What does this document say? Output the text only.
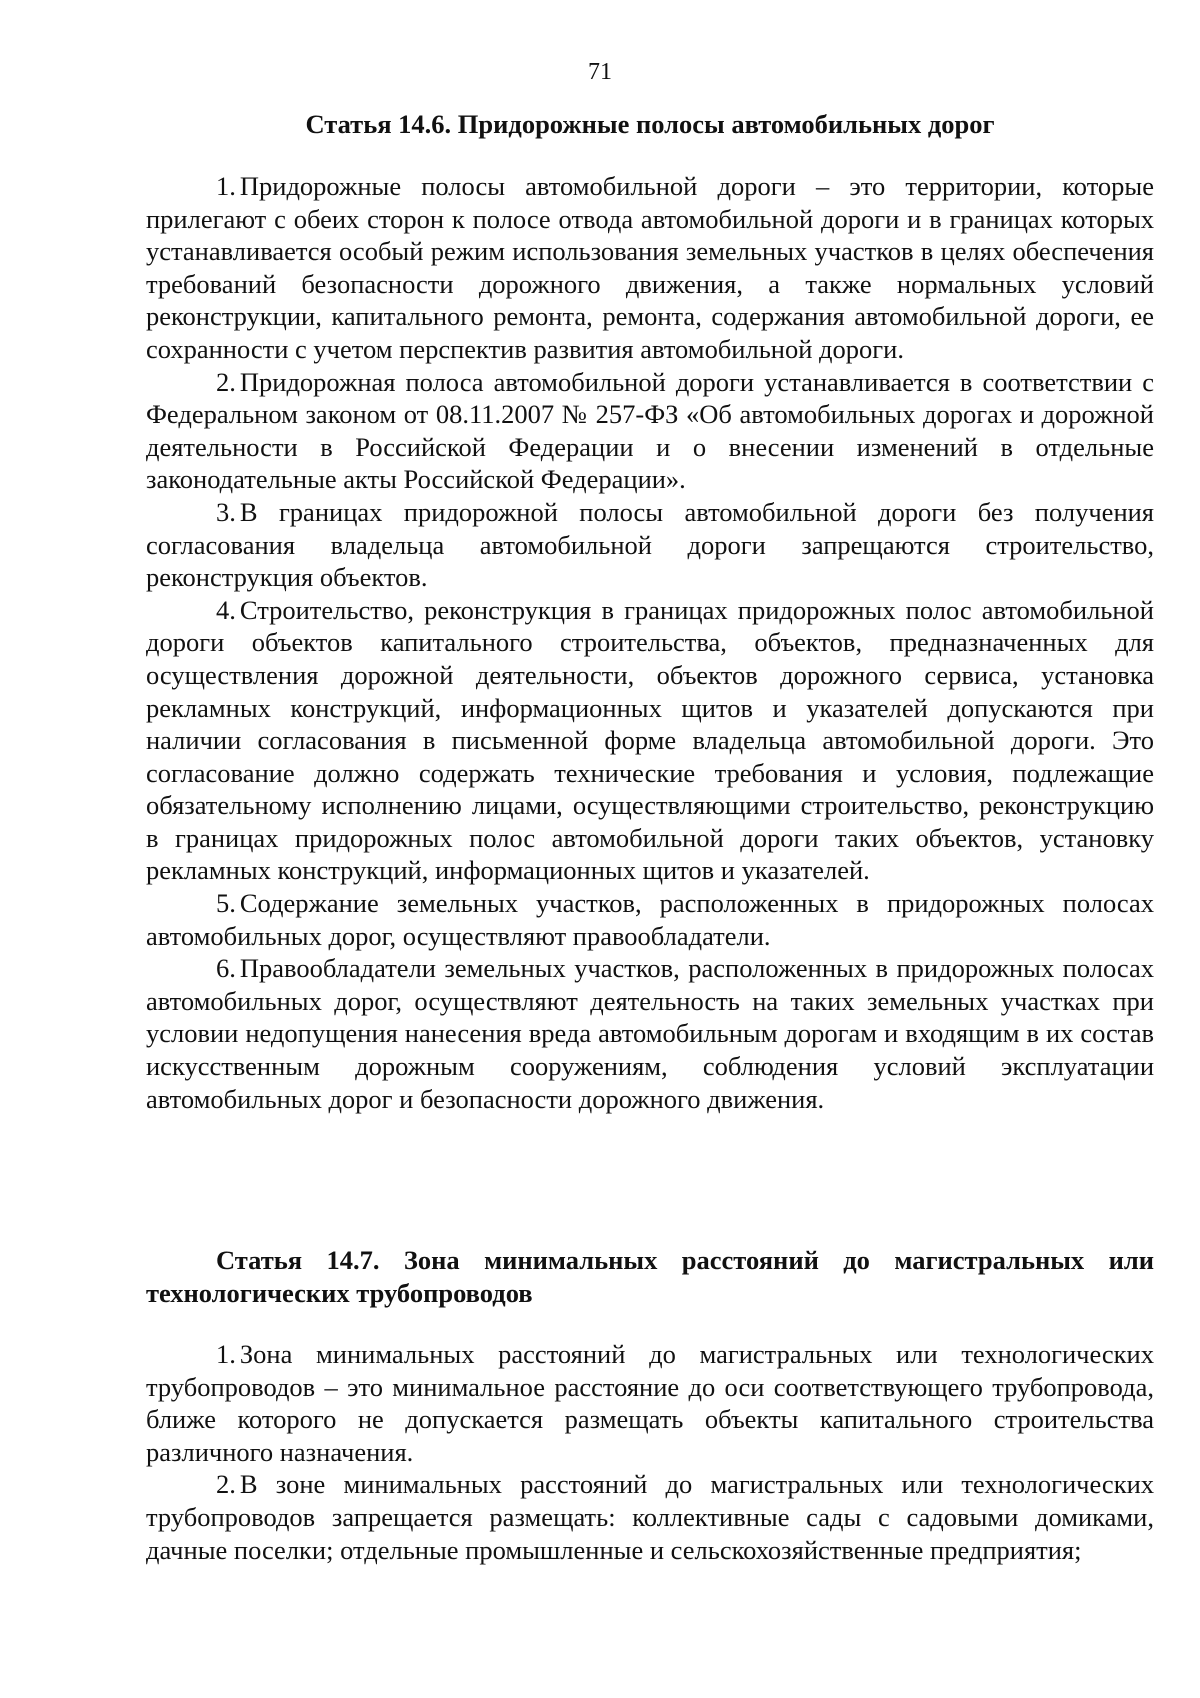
71
Статья 14.6. Придорожные полосы автомобильных дорог

1. Придорожные полосы автомобильной дороги – это территории, которые прилегают с обеих сторон к полосе отвода автомобильной дороги и в границах которых устанавливается особый режим использования земельных участков в целях обеспечения требований безопасности дорожного движения, а также нормальных условий реконструкции, капитального ремонта, ремонта, содержания автомобильной дороги, ее сохранности с учетом перспектив развития автомобильной дороги.

2. Придорожная полоса автомобильной дороги устанавливается в соответствии с Федеральном законом от 08.11.2007 № 257-ФЗ «Об автомобильных дорогах и дорожной деятельности в Российской Федерации и о внесении изменений в отдельные законодательные акты Российской Федерации».

3. В границах придорожной полосы автомобильной дороги без получения согласования владельца автомобильной дороги запрещаются строительство, реконструкция объектов.

4. Строительство, реконструкция в границах придорожных полос автомобильной дороги объектов капитального строительства, объектов, предназначенных для осуществления дорожной деятельности, объектов дорожного сервиса, установка рекламных конструкций, информационных щитов и указателей допускаются при наличии согласования в письменной форме владельца автомобильной дороги. Это согласование должно содержать технические требования и условия, подлежащие обязательному исполнению лицами, осуществляющими строительство, реконструкцию в границах придорожных полос автомобильной дороги таких объектов, установку рекламных конструкций, информационных щитов и указателей.

5. Содержание земельных участков, расположенных в придорожных полосах автомобильных дорог, осуществляют правообладатели.

6. Правообладатели земельных участков, расположенных в придорожных полосах автомобильных дорог, осуществляют деятельность на таких земельных участках при условии недопущения нанесения вреда автомобильным дорогам и входящим в их состав искусственным дорожным сооружениям, соблюдения условий эксплуатации автомобильных дорог и безопасности дорожного движения.

Статья 14.7. Зона минимальных расстояний до магистральных или технологических трубопроводов

1. Зона минимальных расстояний до магистральных или технологических трубопроводов – это минимальное расстояние до оси соответствующего трубопровода, ближе которого не допускается размещать объекты капитального строительства различного назначения.

2. В зоне минимальных расстояний до магистральных или технологических трубопроводов запрещается размещать: коллективные сады с садовыми домиками, дачные поселки; отдельные промышленные и сельскохозяйственные предприятия;
